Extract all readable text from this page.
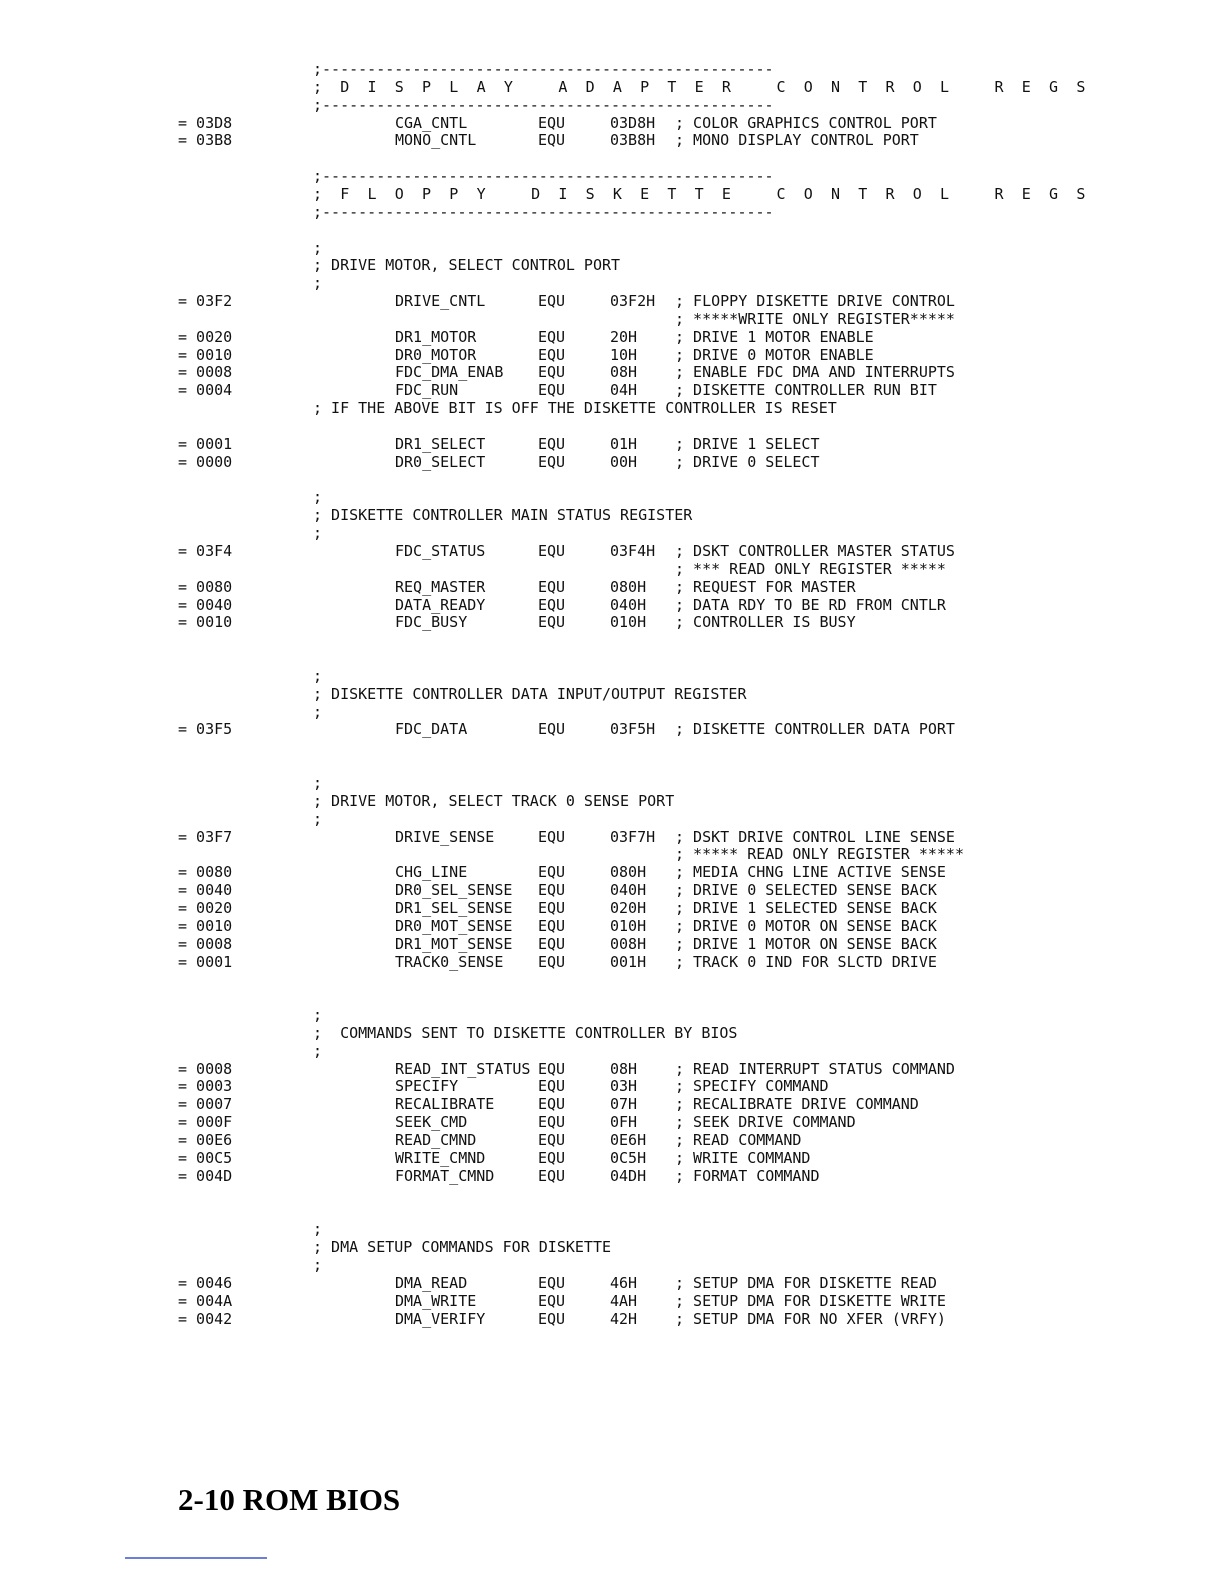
;--------------------------------------------------
; D I S P L A Y   A D A P T E R   C O N T R O L   R E G S
;--------------------------------------------------
= 03D8	CGA_CNTL	EQU	03D8H ; COLOR GRAPHICS CONTROL PORT
= 03B8	MONO_CNTL	EQU	03B8H ; MONO DISPLAY CONTROL PORT
;--------------------------------------------------
; F L O P P Y   D I S K E T T E   C O N T R O L   R E G S
;--------------------------------------------------
;
; DRIVE MOTOR, SELECT CONTROL PORT
;
= 03F2	DRIVE_CNTL	EQU	03F2H ; FLOPPY DISKETTE DRIVE CONTROL
; *****WRITE ONLY REGISTER*****
= 0020	DR1_MOTOR	EQU	20H	; DRIVE 1 MOTOR ENABLE
= 0010	DR0_MOTOR	EQU	10H	; DRIVE 0 MOTOR ENABLE
= 0008	FDC_DMA_ENAB EQU	08H	; ENABLE FDC DMA AND INTERRUPTS
= 0004	FDC_RUN	EQU	04H	; DISKETTE CONTROLLER RUN BIT
; IF THE ABOVE BIT IS OFF THE DISKETTE CONTROLLER IS RESET
= 0001	DR1_SELECT	EQU	01H	; DRIVE 1 SELECT
= 0000	DR0_SELECT	EQU	00H	; DRIVE 0 SELECT
;
; DISKETTE CONTROLLER MAIN STATUS REGISTER
;
= 03F4	FDC_STATUS	EQU	03F4H ; DSKT CONTROLLER MASTER STATUS
; *** READ ONLY REGISTER *****
= 0080	REQ_MASTER	EQU	080H ; REQUEST FOR MASTER
= 0040	DATA_READY	EQU	040H ; DATA RDY TO BE RD FROM CNTLR
= 0010	FDC_BUSY	EQU	010H ; CONTROLLER IS BUSY
;
; DISKETTE CONTROLLER DATA INPUT/OUTPUT REGISTER
;
= 03F5	FDC_DATA	EQU	03F5H ; DISKETTE CONTROLLER DATA PORT
;
; DRIVE MOTOR, SELECT TRACK 0 SENSE PORT
;
= 03F7	DRIVE_SENSE	EQU	03F7H ; DSKT DRIVE CONTROL LINE SENSE
; ***** READ ONLY REGISTER *****
= 0080	CHG_LINE	EQU	080H ; MEDIA CHNG LINE ACTIVE SENSE
= 0040	DR0_SEL_SENSE EQU	040H ; DRIVE 0 SELECTED SENSE BACK
= 0020	DR1_SEL_SENSE EQU	020H ; DRIVE 1 SELECTED SENSE BACK
= 0010	DR0_MOT_SENSE EQU	010H ; DRIVE 0 MOTOR ON SENSE BACK
= 0008	DR1_MOT_SENSE EQU	008H ; DRIVE 1 MOTOR ON SENSE BACK
= 0001	TRACK0_SENSE EQU	001H ; TRACK 0 IND FOR SLCTD DRIVE
;
;  COMMANDS SENT TO DISKETTE CONTROLLER BY BIOS
;
= 0008	READ_INT_STATUS EQU	08H	; READ INTERRUPT STATUS COMMAND
= 0003	SPECIFY	EQU	03H	; SPECIFY COMMAND
= 0007	RECALIBRATE	EQU	07H	; RECALIBRATE DRIVE COMMAND
= 000F	SEEK_CMD	EQU	0FH	; SEEK DRIVE COMMAND
= 00E6	READ_CMND	EQU	0E6H ; READ COMMAND
= 00C5	WRITE_CMND	EQU	0C5H ; WRITE COMMAND
= 004D	FORMAT_CMND	EQU	04DH ; FORMAT COMMAND
;
; DMA SETUP COMMANDS FOR DISKETTE
;
= 0046	DMA_READ	EQU	46H	; SETUP DMA FOR DISKETTE READ
= 004A	DMA_WRITE	EQU	4AH	; SETUP DMA FOR DISKETTE WRITE
= 0042	DMA_VERIFY	EQU	42H	; SETUP DMA FOR NO XFER (VRFY)
2-10 ROM BIOS
